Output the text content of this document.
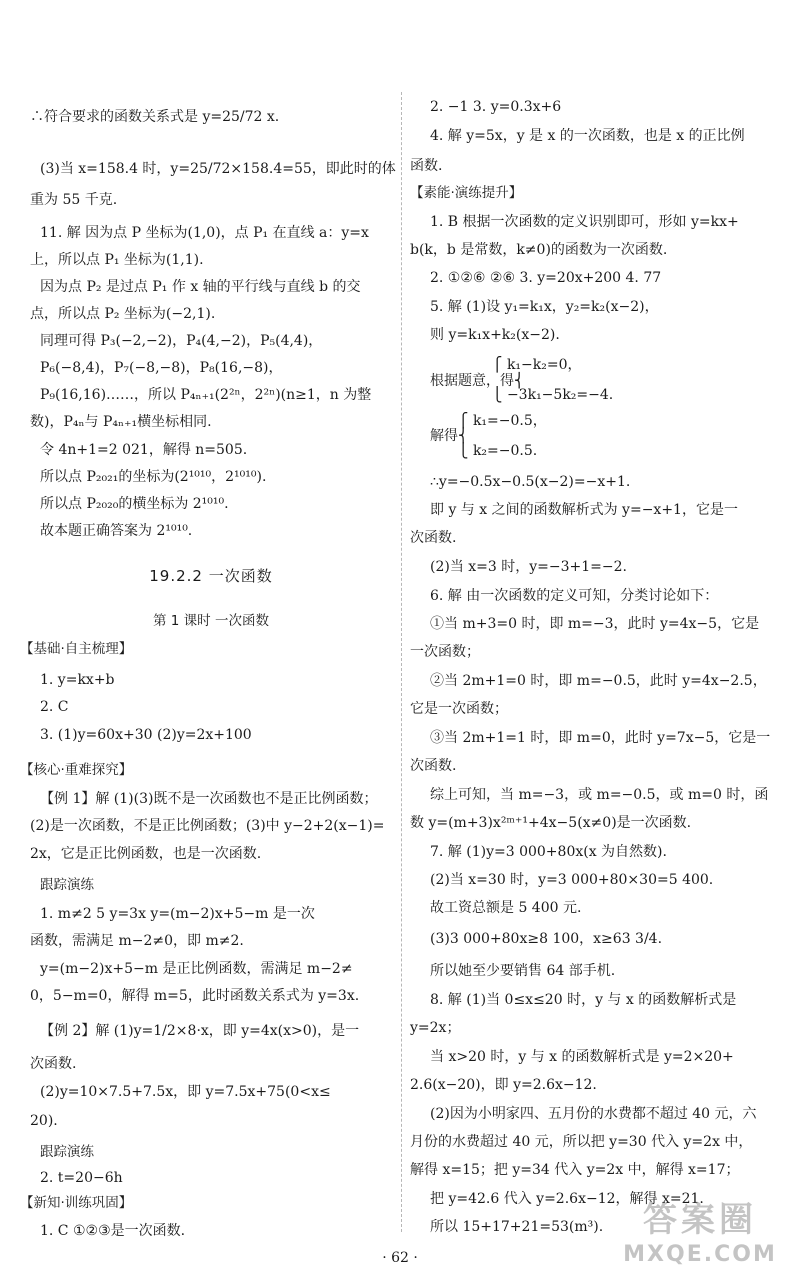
∴符合要求的函数关系式是 y=25/72 x.
(3)当 x=158.4 时，y=25/72×158.4=55，即此时的体
重为 55 千克.
11. 解 因为点 P 坐标为(1,0)，点 P₁ 在直线 a：y=x
上，所以点 P₁ 坐标为(1,1).
因为点 P₂ 是过点 P₁ 作 x 轴的平行线与直线 b 的交
点，所以点 P₂ 坐标为(−2,1).
同理可得 P₃(−2,−2)，P₄(4,−2)，P₅(4,4)，
P₆(−8,4)，P₇(−8,−8)，P₈(16,−8)，
P₉(16,16)……，所以 P₄ₙ₊₁(2²ⁿ，2²ⁿ)(n≥1，n 为整
数)，P₄ₙ与 P₄ₙ₊₁横坐标相同.
令 4n+1=2 021，解得 n=505.
所以点 P₂₀₂₁的坐标为(2¹⁰¹⁰，2¹⁰¹⁰).
所以点 P₂₀₂₀的横坐标为 2¹⁰¹⁰.
故本题正确答案为 2¹⁰¹⁰.
19.2.2 一次函数
第 1 课时 一次函数
【基础·自主梳理】
1. y=kx+b
2. C
3. (1)y=60x+30 (2)y=2x+100
【核心·重难探究】
【例 1】解 (1)(3)既不是一次函数也不是正比例函数；
(2)是一次函数，不是正比例函数；(3)中 y−2+2(x−1)=
2x，它是正比例函数，也是一次函数.
跟踪演练
1. m≠2 5 y=3x y=(m−2)x+5−m 是一次
函数，需满足 m−2≠0，即 m≠2.
y=(m−2)x+5−m 是正比例函数，需满足 m−2≠
0，5−m=0，解得 m=5，此时函数关系式为 y=3x.
【例 2】解 (1)y=1/2×8·x，即 y=4x(x>0)，是一
次函数.
(2)y=10×7.5+7.5x，即 y=7.5x+75(0<x≤
20).
跟踪演练
2. t=20−6h
【新知·训练巩固】
1. C ①②③是一次函数.
2. −1 3. y=0.3x+6
4. 解 y=5x，y 是 x 的一次函数，也是 x 的正比例
函数.
【素能·演练提升】
1. B 根据一次函数的定义识别即可，形如 y=kx+
b(k，b 是常数，k≠0)的函数为一次函数.
2. ①②⑥ ②⑥ 3. y=20x+200 4. 77
5. 解 (1)设 y₁=k₁x，y₂=k₂(x−2)，
则 y=k₁x+k₂(x−2).
⎧ k₁−k₂=0，
根据题意，得⎨
⎩ −3k₁−5k₂=−4.
⎧ k₁=−0.5，
解得⎨
⎩ k₂=−0.5.
∴y=−0.5x−0.5(x−2)=−x+1.
即 y 与 x 之间的函数解析式为 y=−x+1，它是一
次函数.
(2)当 x=3 时，y=−3+1=−2.
6. 解 由一次函数的定义可知，分类讨论如下：
①当 m+3=0 时，即 m=−3，此时 y=4x−5，它是
一次函数；
②当 2m+1=0 时，即 m=−0.5，此时 y=4x−2.5，
它是一次函数；
③当 2m+1=1 时，即 m=0，此时 y=7x−5，它是一
次函数.
综上可知，当 m=−3，或 m=−0.5，或 m=0 时，函
数 y=(m+3)x²ᵐ⁺¹+4x−5(x≠0)是一次函数.
7. 解 (1)y=3 000+80x(x 为自然数).
(2)当 x=30 时，y=3 000+80×30=5 400.
故工资总额是 5 400 元.
(3)3 000+80x≥8 100，x≥63 3/4.
所以她至少要销售 64 部手机.
8. 解 (1)当 0≤x≤20 时，y 与 x 的函数解析式是
y=2x；
当 x>20 时，y 与 x 的函数解析式是 y=2×20+
2.6(x−20)，即 y=2.6x−12.
(2)因为小明家四、五月份的水费都不超过 40 元，六
月份的水费超过 40 元，所以把 y=30 代入 y=2x 中，
解得 x=15；把 y=34 代入 y=2x 中，解得 x=17；
把 y=42.6 代入 y=2.6x−12，解得 x=21.
所以 15+17+21=53(m³).
· 62 ·
答案圈
MXQE.COM
